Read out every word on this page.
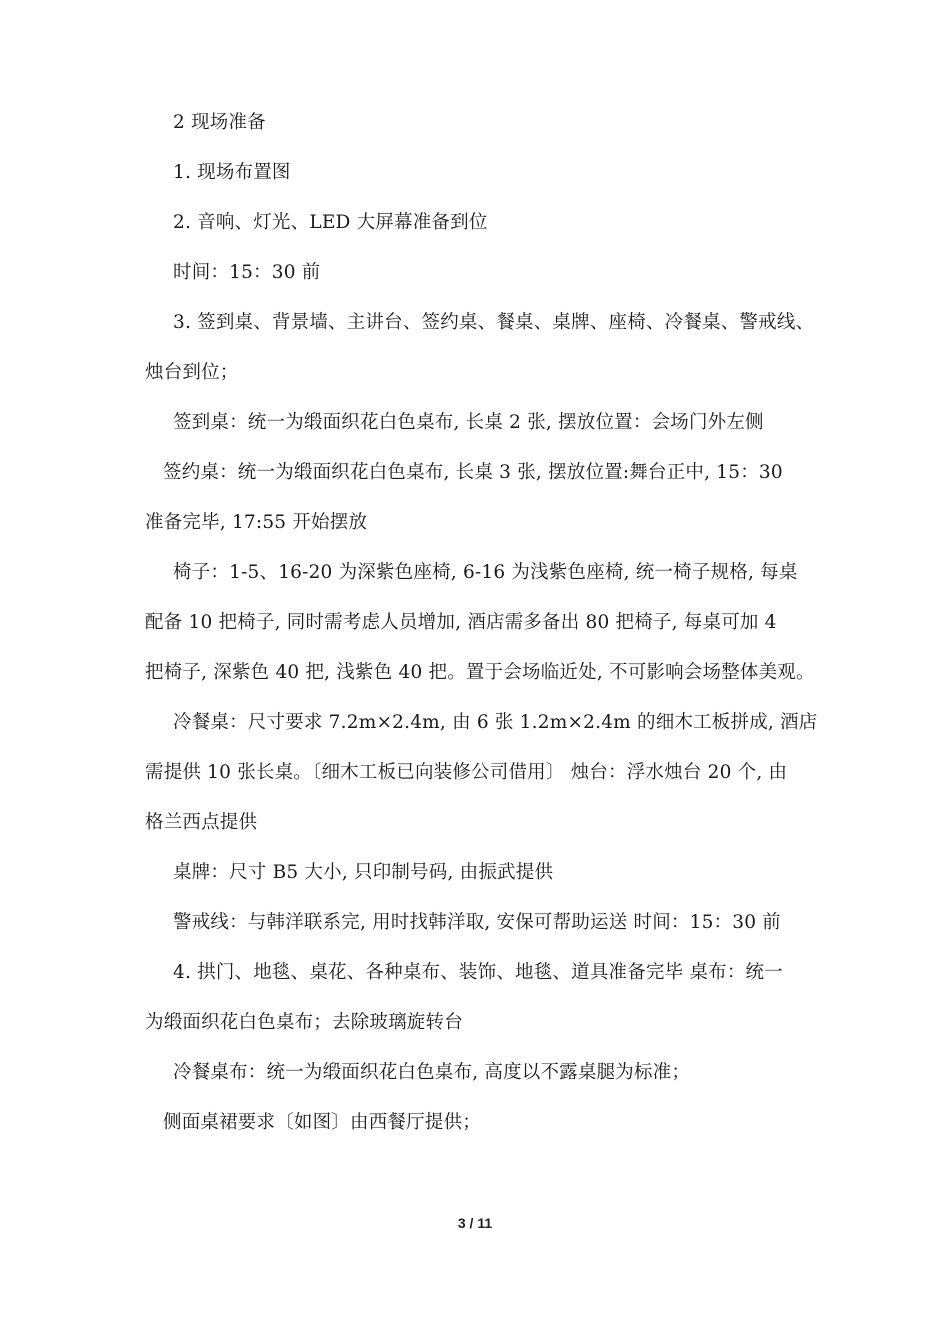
2 现场准备
1. 现场布置图
2. 音响、灯光、LED 大屏幕准备到位
时间：15：30 前
3. 签到桌、背景墙、主讲台、签约桌、餐桌、桌牌、座椅、冷餐桌、警戒线、
烛台到位；
签到桌：统一为缎面织花白色桌布, 长桌 2 张, 摆放位置：会场门外左侧
签约桌：统一为缎面织花白色桌布, 长桌 3 张, 摆放位置:舞台正中, 15：30
准备完毕, 17:55 开始摆放
椅子：1-5、16-20 为深紫色座椅, 6-16 为浅紫色座椅, 统一椅子规格, 每桌
配备 10 把椅子, 同时需考虑人员增加, 酒店需多备出 80 把椅子, 每桌可加 4
把椅子, 深紫色 40 把, 浅紫色 40 把。置于会场临近处, 不可影响会场整体美观。
冷餐桌：尺寸要求 7.2m×2.4m, 由 6 张 1.2m×2.4m 的细木工板拼成, 酒店
需提供 10 张长桌。〔细木工板已向装修公司借用〕 烛台：浮水烛台 20 个, 由
格兰西点提供
桌牌：尺寸 B5 大小, 只印制号码, 由振武提供
警戒线：与韩洋联系完, 用时找韩洋取, 安保可帮助运送 时间：15：30 前
4. 拱门、地毯、桌花、各种桌布、装饰、地毯、道具准备完毕 桌布：统一
为缎面织花白色桌布；去除玻璃旋转台
冷餐桌布：统一为缎面织花白色桌布, 高度以不露桌腿为标准；
侧面桌裙要求〔如图〕由西餐厅提供；
3 / 11
